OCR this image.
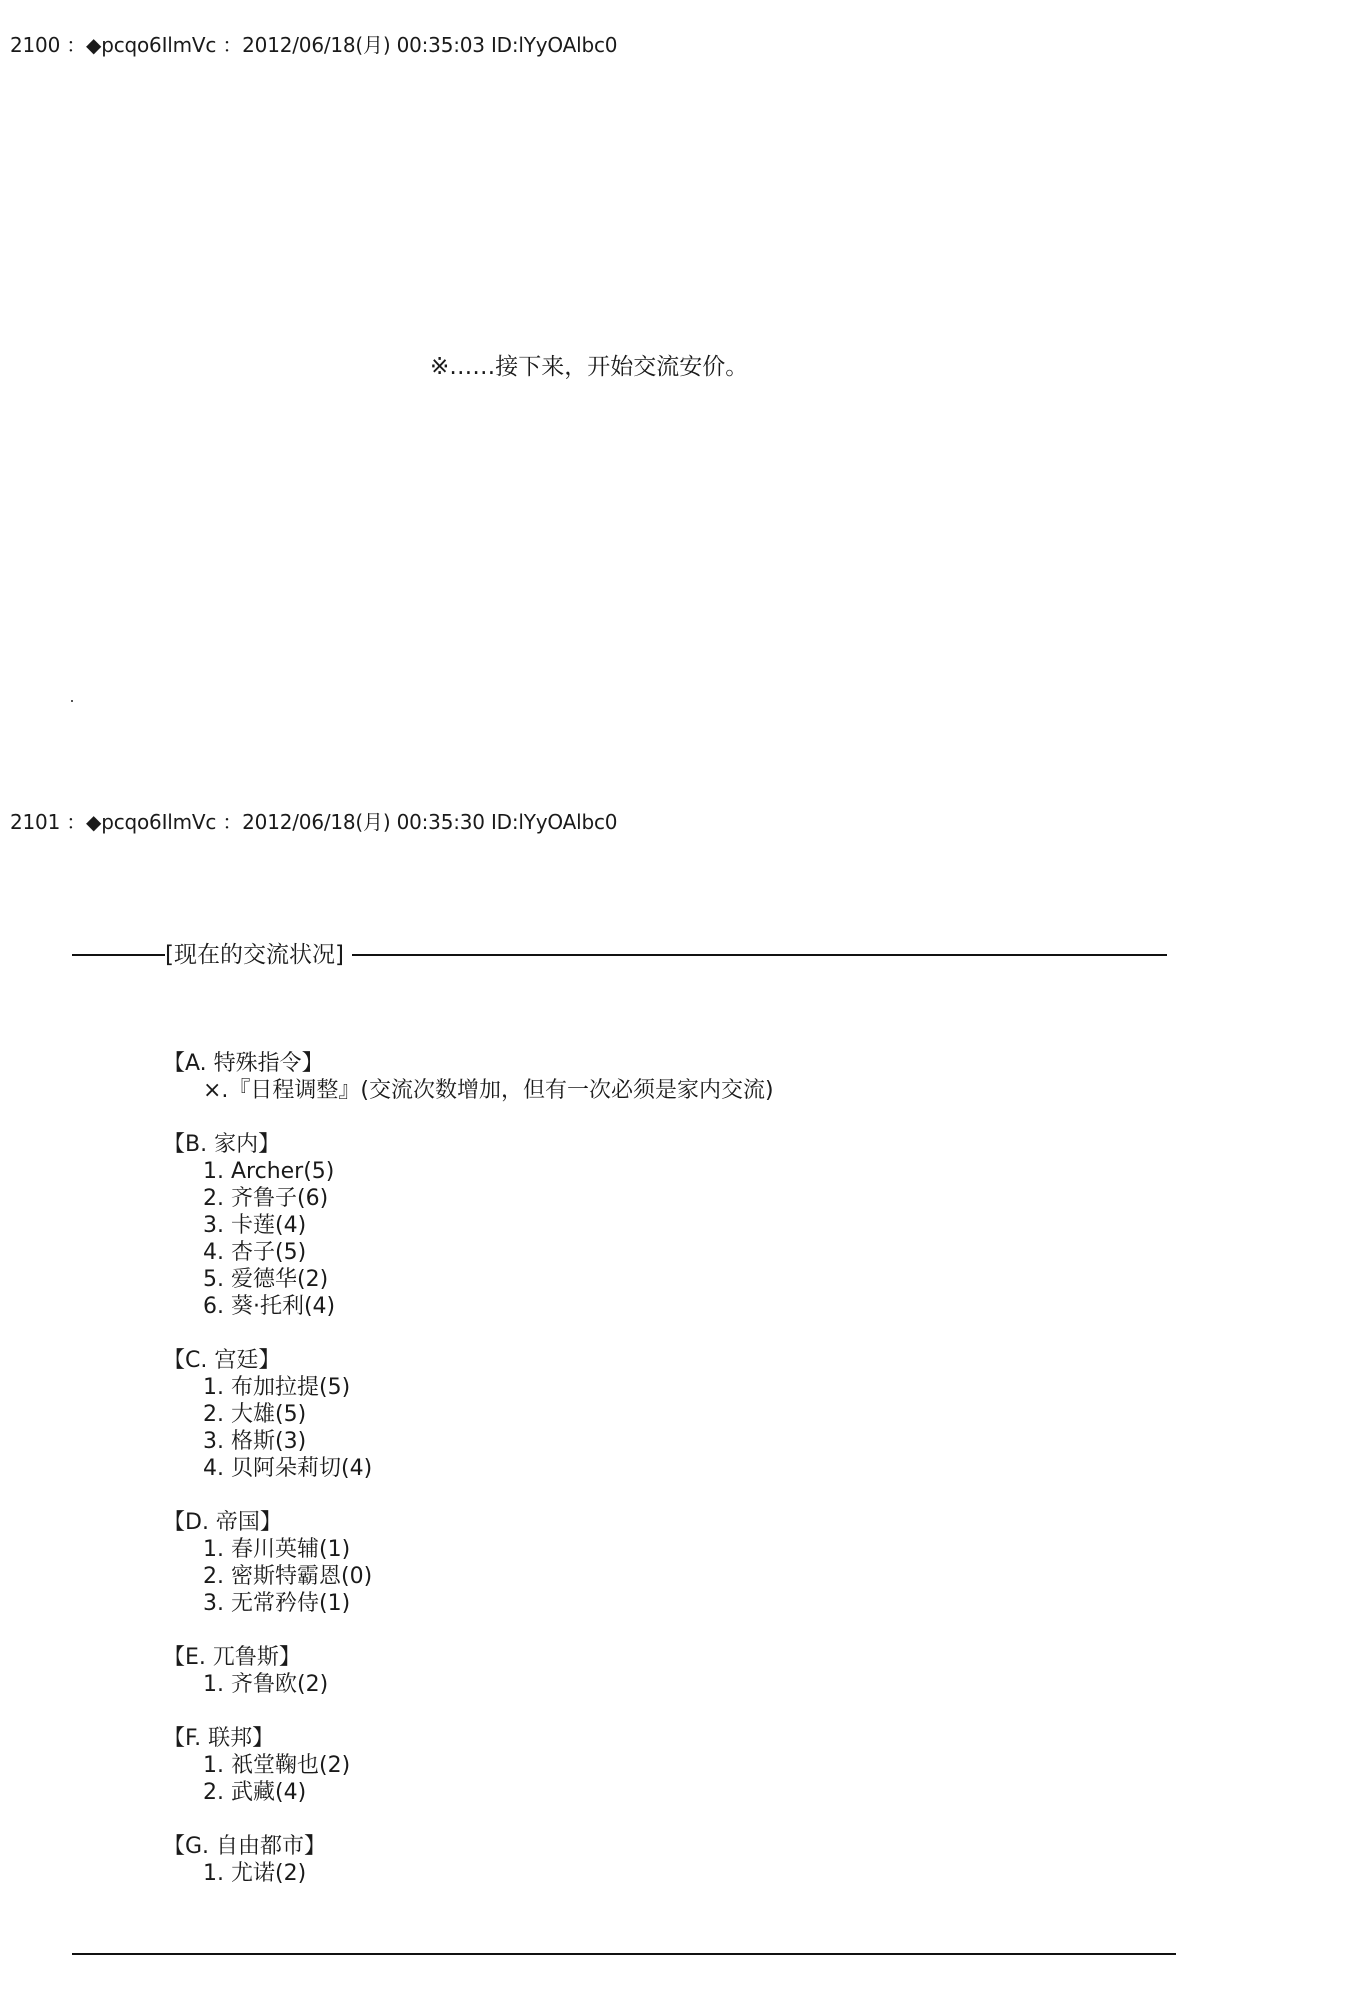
2100 ：◆pcqo6IlmVc ：2012/06/18(月) 00:35:03 ID:lYyOAlbc0
※……接下来，开始交流安价。
2101 ：◆pcqo6IlmVc ：2012/06/18(月) 00:35:30 ID:lYyOAlbc0
[现在的交流状况]
【A. 特殊指令】
×.『日程调整』(交流次数增加，但有一次必须是家内交流)
【B. 家内】
1. Archer(5)
2. 齐鲁子(6)
3. 卡莲(4)
4. 杏子(5)
5. 爱德华(2)
6. 葵·托利(4)
【C. 宫廷】
1. 布加拉提(5)
2. 大雄(5)
3. 格斯(3)
4. 贝阿朵莉切(4)
【D. 帝国】
1. 春川英辅(1)
2. 密斯特霸恩(0)
3. 无常矜侍(1)
【E. 兀鲁斯】
1. 齐鲁欧(2)
【F. 联邦】
1. 祇堂鞠也(2)
2. 武藏(4)
【G. 自由都市】
1. 尤诺(2)
